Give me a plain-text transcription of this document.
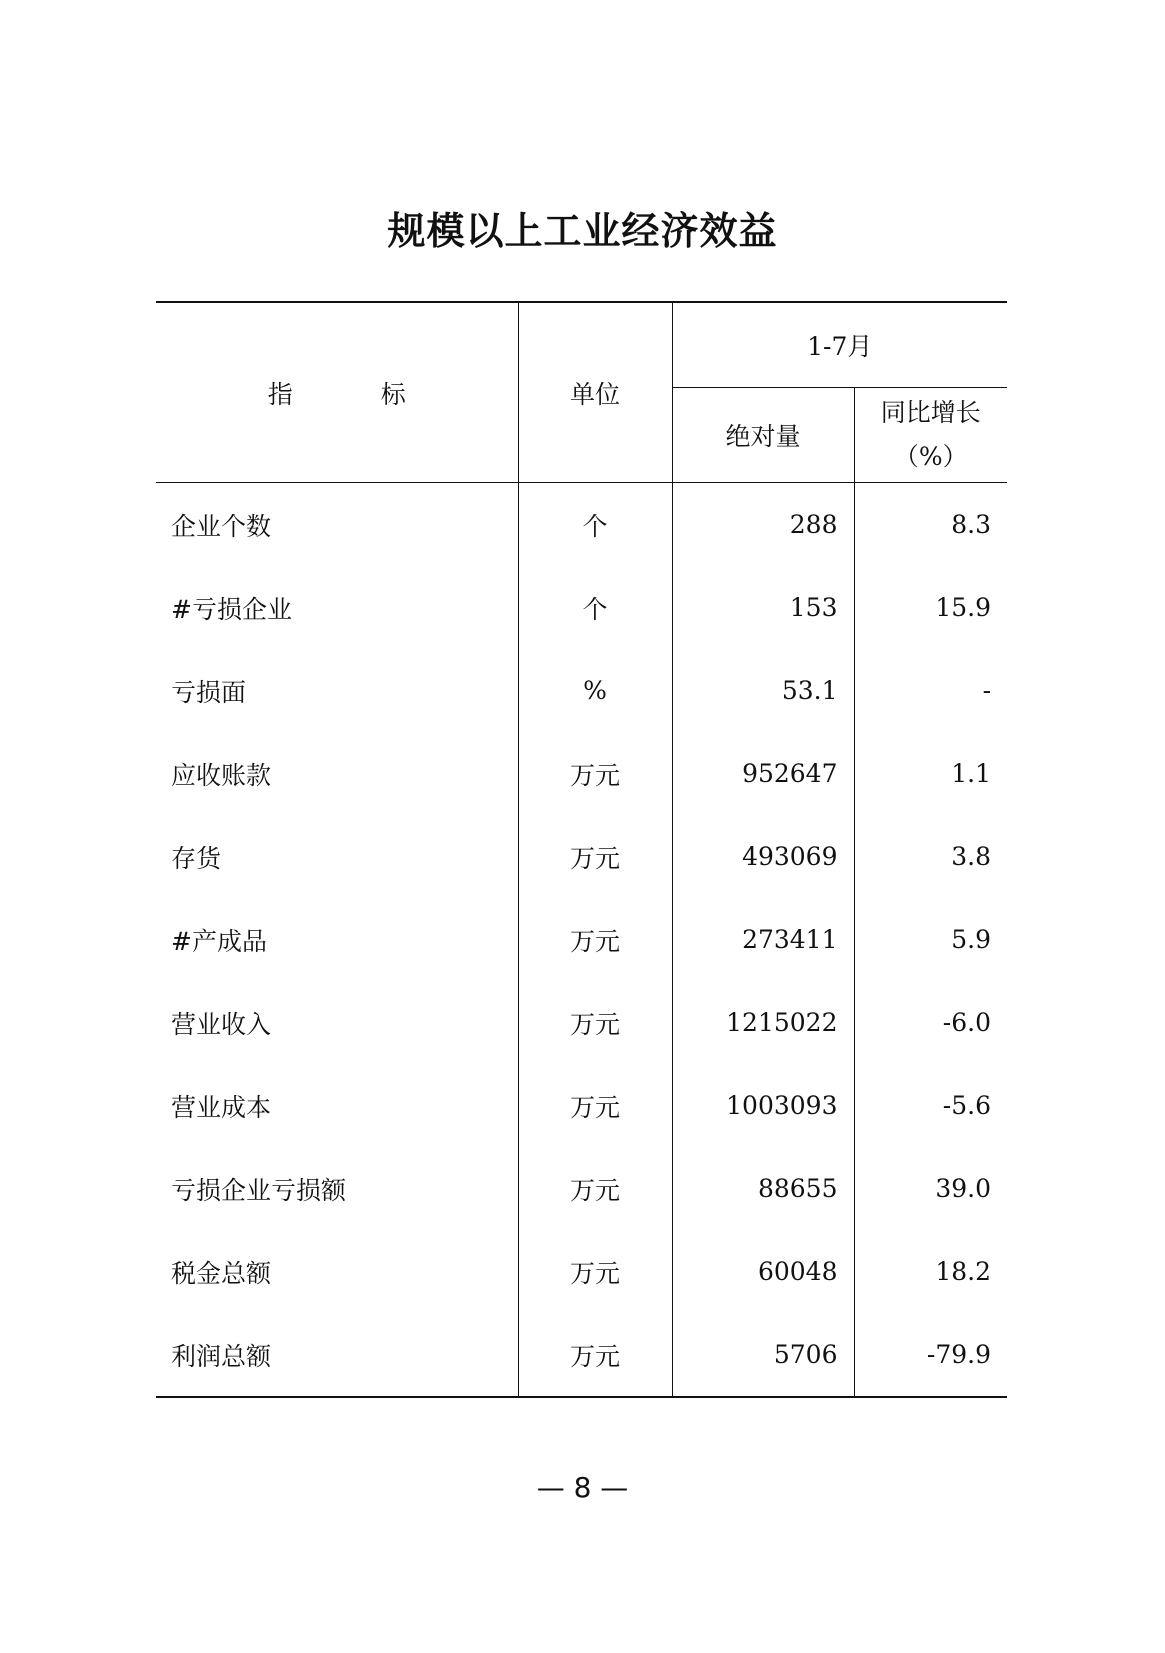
规模以上工业经济效益
指 标	单位	1-7月	
		绝对量	同比增长
（%）
企业个数	个	288	8.3
#亏损企业	个	153	15.9
亏损面	%	53.1	-
应收账款	万元	952647	1.1
存货	万元	493069	3.8
#产成品	万元	273411	5.9
营业收入	万元	1215022	-6.0
营业成本	万元	1003093	-5.6
亏损企业亏损额	万元	88655	39.0
税金总额	万元	60048	18.2
利润总额	万元	5706	-79.9
— 8 —
